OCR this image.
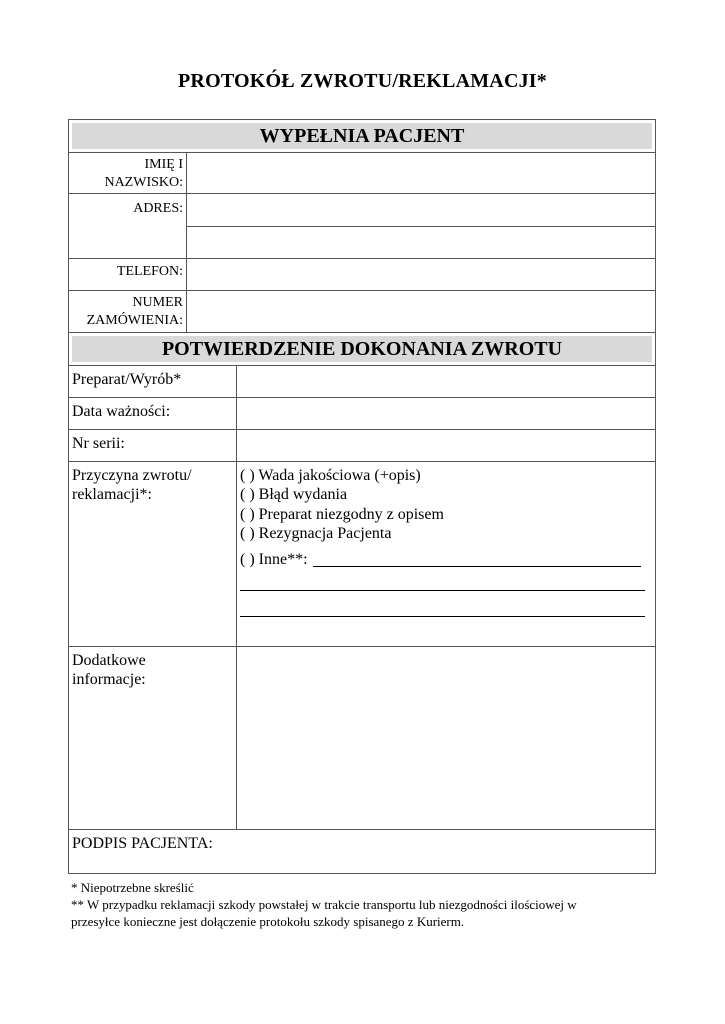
PROTOKÓŁ ZWROTU/REKLAMACJI*
WYPEŁNIA PACJENT
IMIĘ I
NAZWISKO:
ADRES:
TELEFON:
NUMER
ZAMÓWIENIA:
POTWIERDZENIE DOKONANIA ZWROTU
Preparat/Wyrób*
Data ważności:
Nr serii:
Przyczyna zwrotu/
reklamacji*:
( ) Wada jakościowa (+opis)
( ) Błąd wydania
( ) Preparat niezgodny z opisem
( ) Rezygnacja Pacjenta
( ) Inne**:
Dodatkowe
informacje:
PODPIS PACJENTA:
* Niepotrzebne skreślić
** W przypadku reklamacji szkody powstałej w trakcie transportu lub niezgodności ilościowej w
przesyłce konieczne jest dołączenie protokołu szkody spisanego z Kurierm.
